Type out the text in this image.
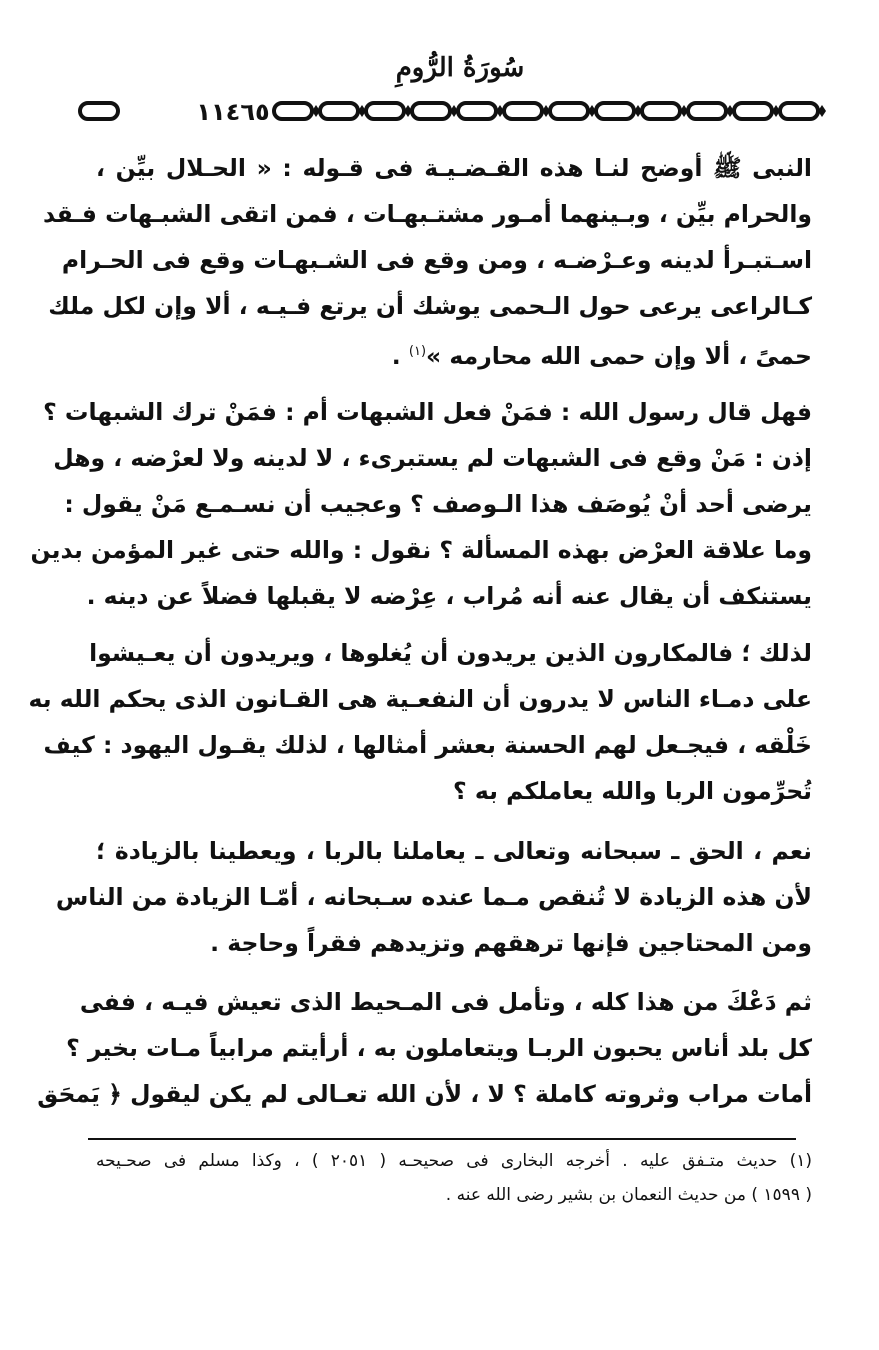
سُورَةُ الرُّومِ
١١٤٦٥
النبى ﷺ أوضح لنـا هذه القـضـيـة فى قـوله : « الحـلال بيِّن ،
والحرام بيِّن ، وبـينهما أمـور مشتـبهـات ، فمن اتقى الشبـهات فـقد
اسـتبـرأ لدينه وعـرْضـه ، ومن وقع فى الشـبهـات وقع فى الحـرام
كـالراعى يرعى حول الـحمى يوشك أن يرتع فـيـه ، ألا وإن لكل ملك
حمىً ، ألا وإن حمى الله محارمه »$^{(١)}$ .
فهل قال رسول الله : فمَنْ فعل الشبهات أم : فمَنْ ترك الشبهات ؟
إذن : مَنْ وقع فى الشبهات لم يستبرىء ، لا لدينه ولا لعرْضه ، وهل
يرضى أحد أنْ يُوصَف هذا الـوصف ؟ وعجيب أن نسـمـع مَنْ يقول :
وما علاقة العرْض بهذه المسألة ؟ نقول : والله حتى غير المؤمن بدين
يستنكف أن يقال عنه أنه مُراب ، عِرْضه لا يقبلها فضلاً عن دينه .
لذلك ؛ فالمكارون الذين يريدون أن يُغلوها ، ويريدون أن يعـيشوا
على دمـاء الناس لا يدرون أن النفعـية هى القـانون الذى يحكم الله به
خَلْقه ، فيجـعل لهم الحسنة بعشر أمثالها ، لذلك يقـول اليهود : كيف
تُحرِّمون الربا والله يعاملكم به ؟
نعم ، الحق ـ سبحانه وتعالى ـ يعاملنا بالربا ، ويعطينا بالزيادة ؛
لأن هذه الزيادة لا تُنقص مـما عنده سـبحانه ، أمّـا الزيادة من الناس
ومن المحتاجين فإنها ترهقهم وتزيدهم فقراً وحاجة .
ثم دَعْكَ من هذا كله ، وتأمل فى المـحيط الذى تعيش فيـه ، ففى
كل بلد أناس يحبون الربـا ويتعاملون به ، أرأيتم مرابياً مـات بخير ؟
أمات مراب وثروته كاملة ؟ لا ، لأن الله تعـالى لم يكن ليقول ﴿ يَمحَق
(١) حديث متـفق عليه . أخرجه البخارى فى صحيحـه ( ٢٠٥١ ) ، وكذا مسلم فى صحـيحه
( ١٥٩٩ ) من حديث النعمان بن بشير رضى الله عنه .
